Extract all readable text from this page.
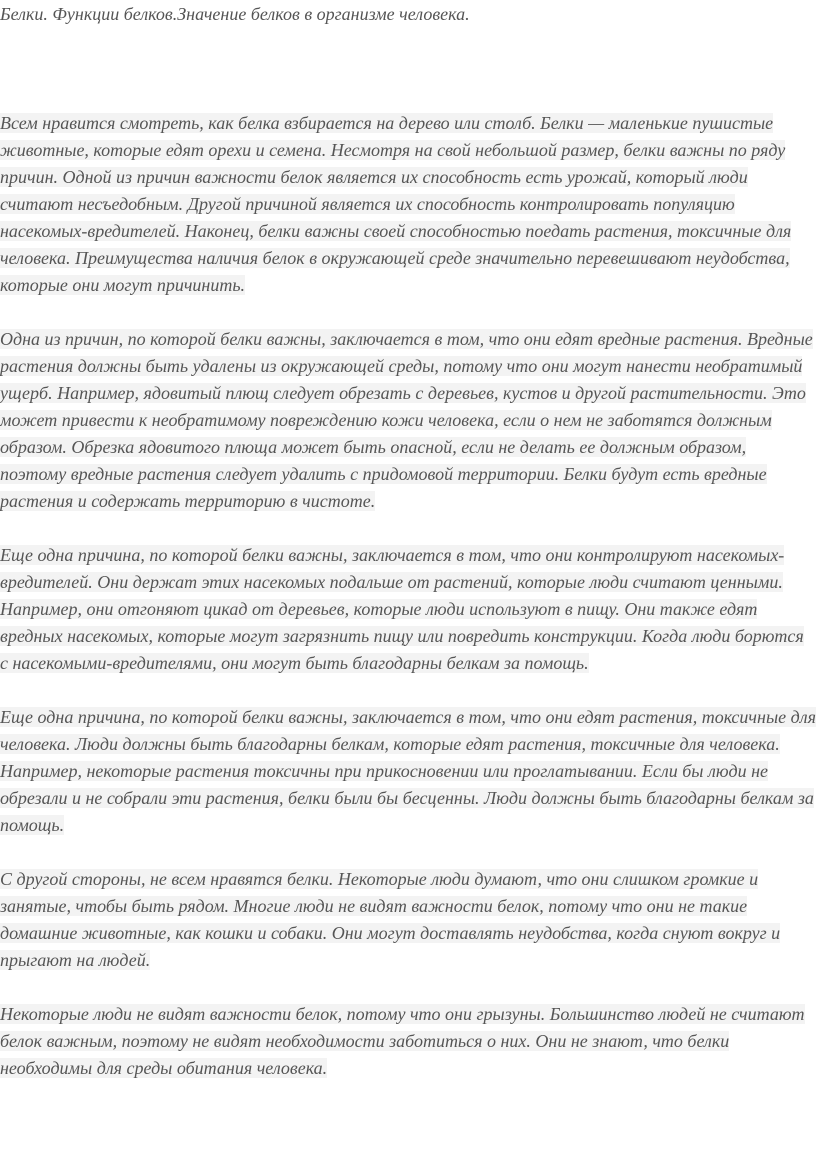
Белки. Функции белков.Значение белков в организме человека.

Всем нравится смотреть, как белка взбирается на дерево или столб. Белки — маленькие пушистые животные, которые едят орехи и семена. Несмотря на свой небольшой размер, белки важны по ряду причин. Одной из причин важности белок является их способность есть урожай, который люди считают несъедобным. Другой причиной является их способность контролировать популяцию насекомых-вредителей. Наконец, белки важны своей способностью поедать растения, токсичные для человека. Преимущества наличия белок в окружающей среде значительно перевешивают неудобства, которые они могут причинить.

Одна из причин, по которой белки важны, заключается в том, что они едят вредные растения. Вредные растения должны быть удалены из окружающей среды, потому что они могут нанести необратимый ущерб. Например, ядовитый плющ следует обрезать с деревьев, кустов и другой растительности. Это может привести к необратимому повреждению кожи человека, если о нем не заботятся должным образом. Обрезка ядовитого плюща может быть опасной, если не делать ее должным образом, поэтому вредные растения следует удалить с придомовой территории. Белки будут есть вредные растения и содержать территорию в чистоте.

Еще одна причина, по которой белки важны, заключается в том, что они контролируют насекомых-вредителей. Они держат этих насекомых подальше от растений, которые люди считают ценными. Например, они отгоняют цикад от деревьев, которые люди используют в пищу. Они также едят вредных насекомых, которые могут загрязнить пищу или повредить конструкции. Когда люди борются с насекомыми-вредителями, они могут быть благодарны белкам за помощь.

Еще одна причина, по которой белки важны, заключается в том, что они едят растения, токсичные для человека. Люди должны быть благодарны белкам, которые едят растения, токсичные для человека. Например, некоторые растения токсичны при прикосновении или проглатывании. Если бы люди не обрезали и не собрали эти растения, белки были бы бесценны. Люди должны быть благодарны белкам за помощь.

С другой стороны, не всем нравятся белки. Некоторые люди думают, что они слишком громкие и занятые, чтобы быть рядом. Многие люди не видят важности белок, потому что они не такие домашние животные, как кошки и собаки. Они могут доставлять неудобства, когда снуют вокруг и прыгают на людей.

Некоторые люди не видят важности белок, потому что они грызуны. Большинство людей не считают белок важным, поэтому не видят необходимости заботиться о них. Они не знают, что белки необходимы для среды обитания человека.
